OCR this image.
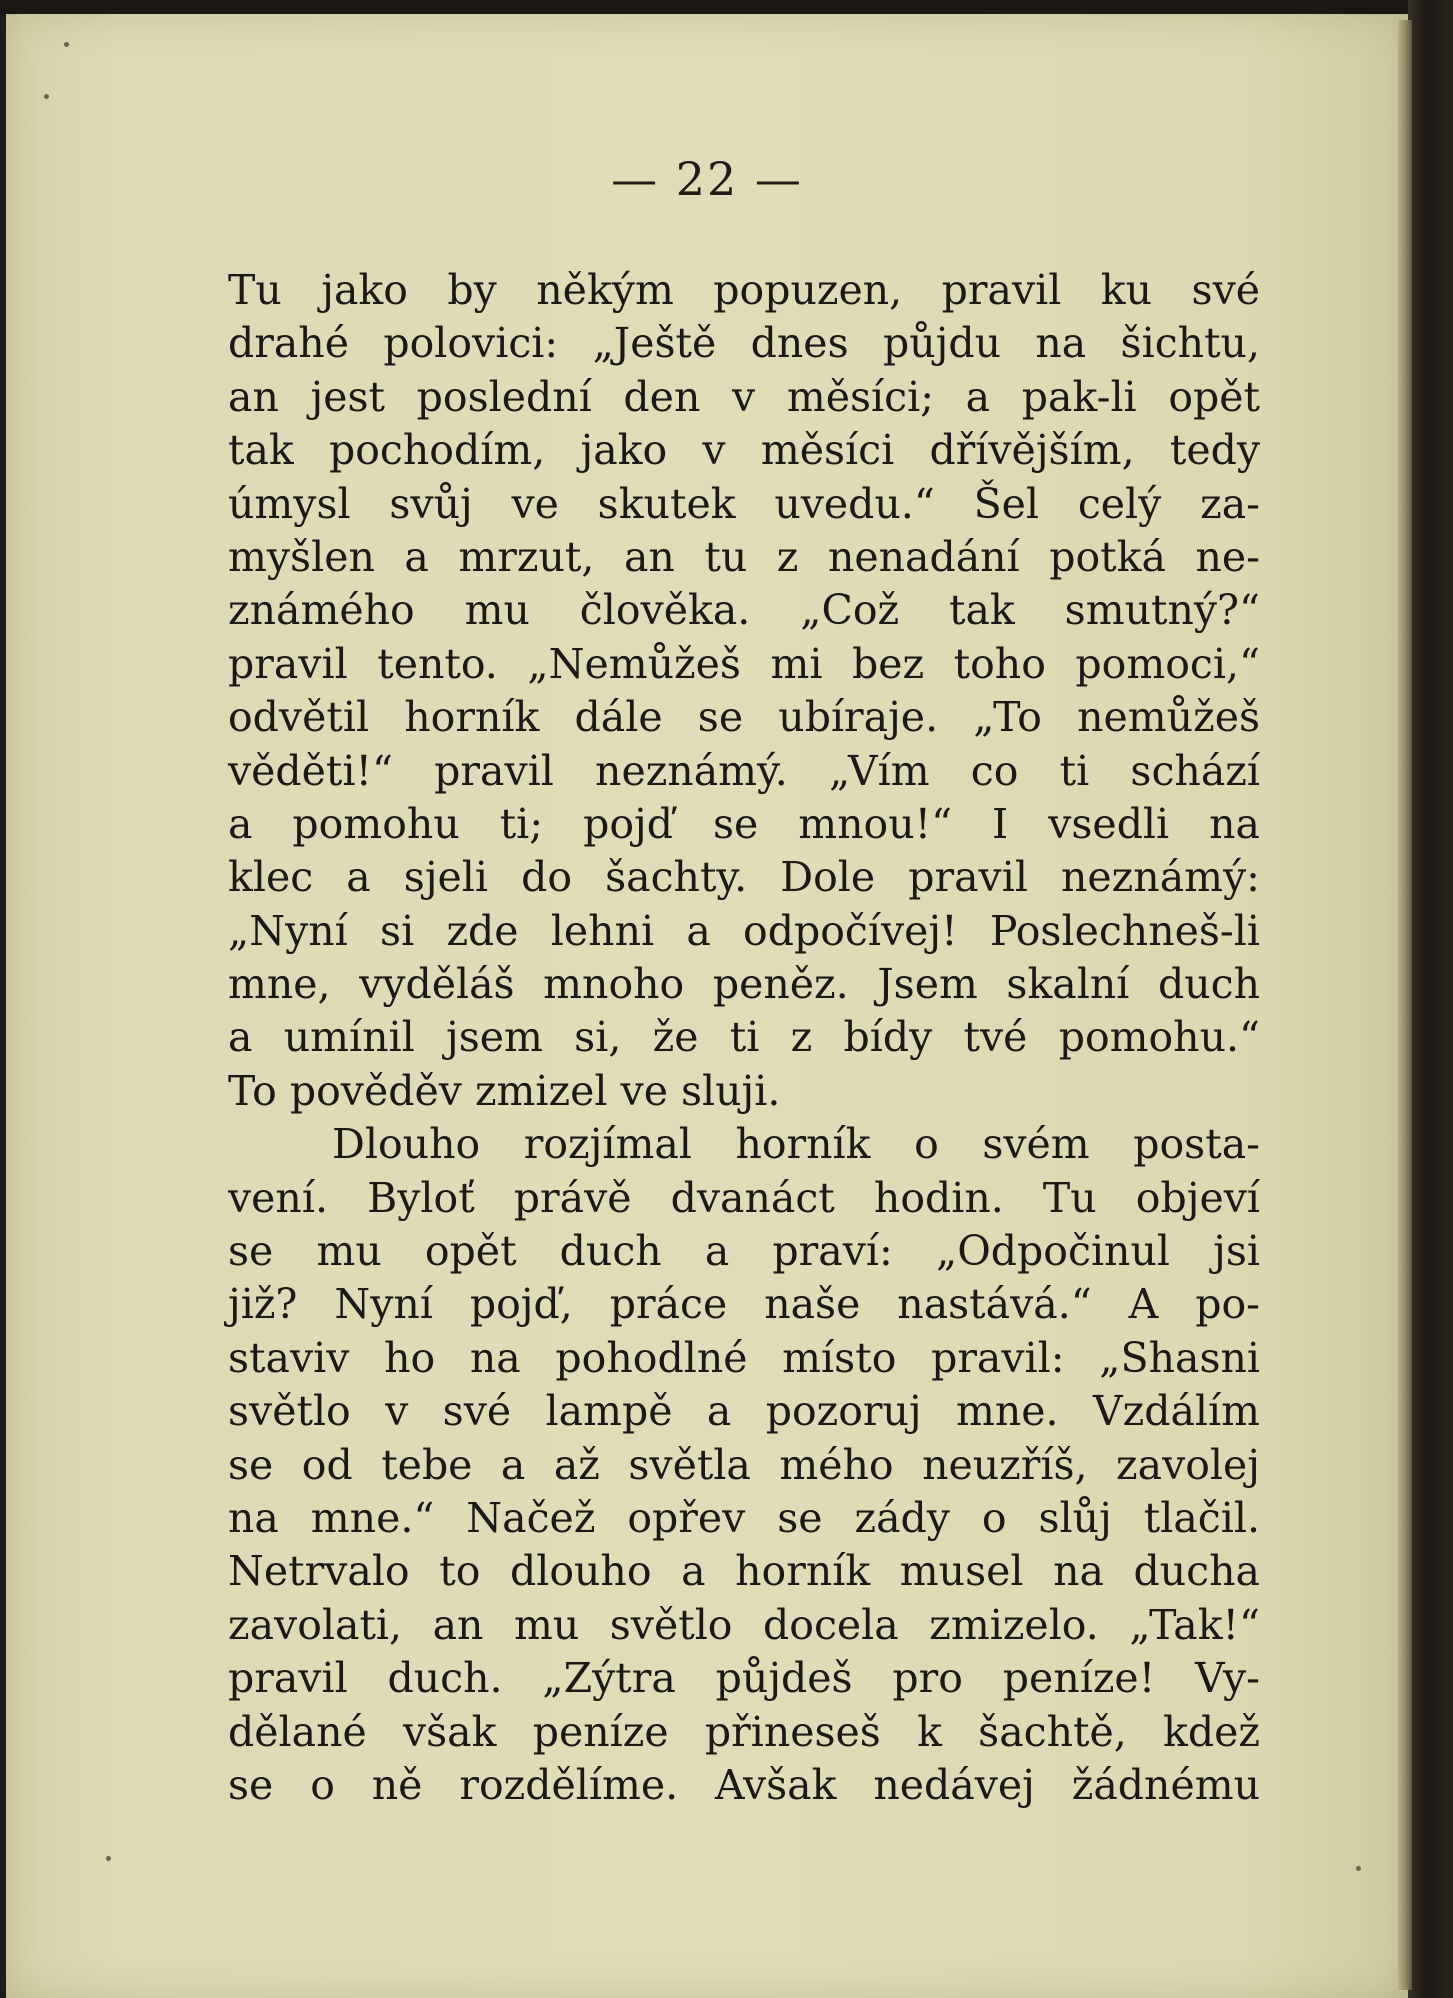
— 22 —
Tu jako by někým popuzen, pravil ku své
drahé polovici: „Ještě dnes půjdu na šichtu,
an jest poslední den v měsíci; a pak-li opět
tak pochodím, jako v měsíci dřívějším, tedy
úmysl svůj ve skutek uvedu.“ Šel celý za-
myšlen a mrzut, an tu z nenadání potká ne-
známého mu člověka. „Což tak smutný?“
pravil tento. „Nemůžeš mi bez toho pomoci,“
odvětil horník dále se ubíraje. „To nemůžeš
věděti!“ pravil neznámý. „Vím co ti schází
a pomohu ti; pojď se mnou!“ I vsedli na
klec a sjeli do šachty. Dole pravil neznámý:
„Nyní si zde lehni a odpočívej! Poslechneš-li
mne, vyděláš mnoho peněz. Jsem skalní duch
a umínil jsem si, že ti z bídy tvé pomohu.“
To pověděv zmizel ve sluji.
Dlouho rozjímal horník o svém posta-
vení. Byloť právě dvanáct hodin. Tu objeví
se mu opět duch a praví: „Odpočinul jsi
již? Nyní pojď, práce naše nastává.“ A po-
staviv ho na pohodlné místo pravil: „Shasni
světlo v své lampě a pozoruj mne. Vzdálím
se od tebe a až světla mého neuzříš, zavolej
na mne.“ Načež opřev se zády o slůj tlačil.
Netrvalo to dlouho a horník musel na ducha
zavolati, an mu světlo docela zmizelo. „Tak!“
pravil duch. „Zýtra půjdeš pro peníze! Vy-
dělané však peníze přineseš k šachtě, kdež
se o ně rozdělíme. Avšak nedávej žádnému
